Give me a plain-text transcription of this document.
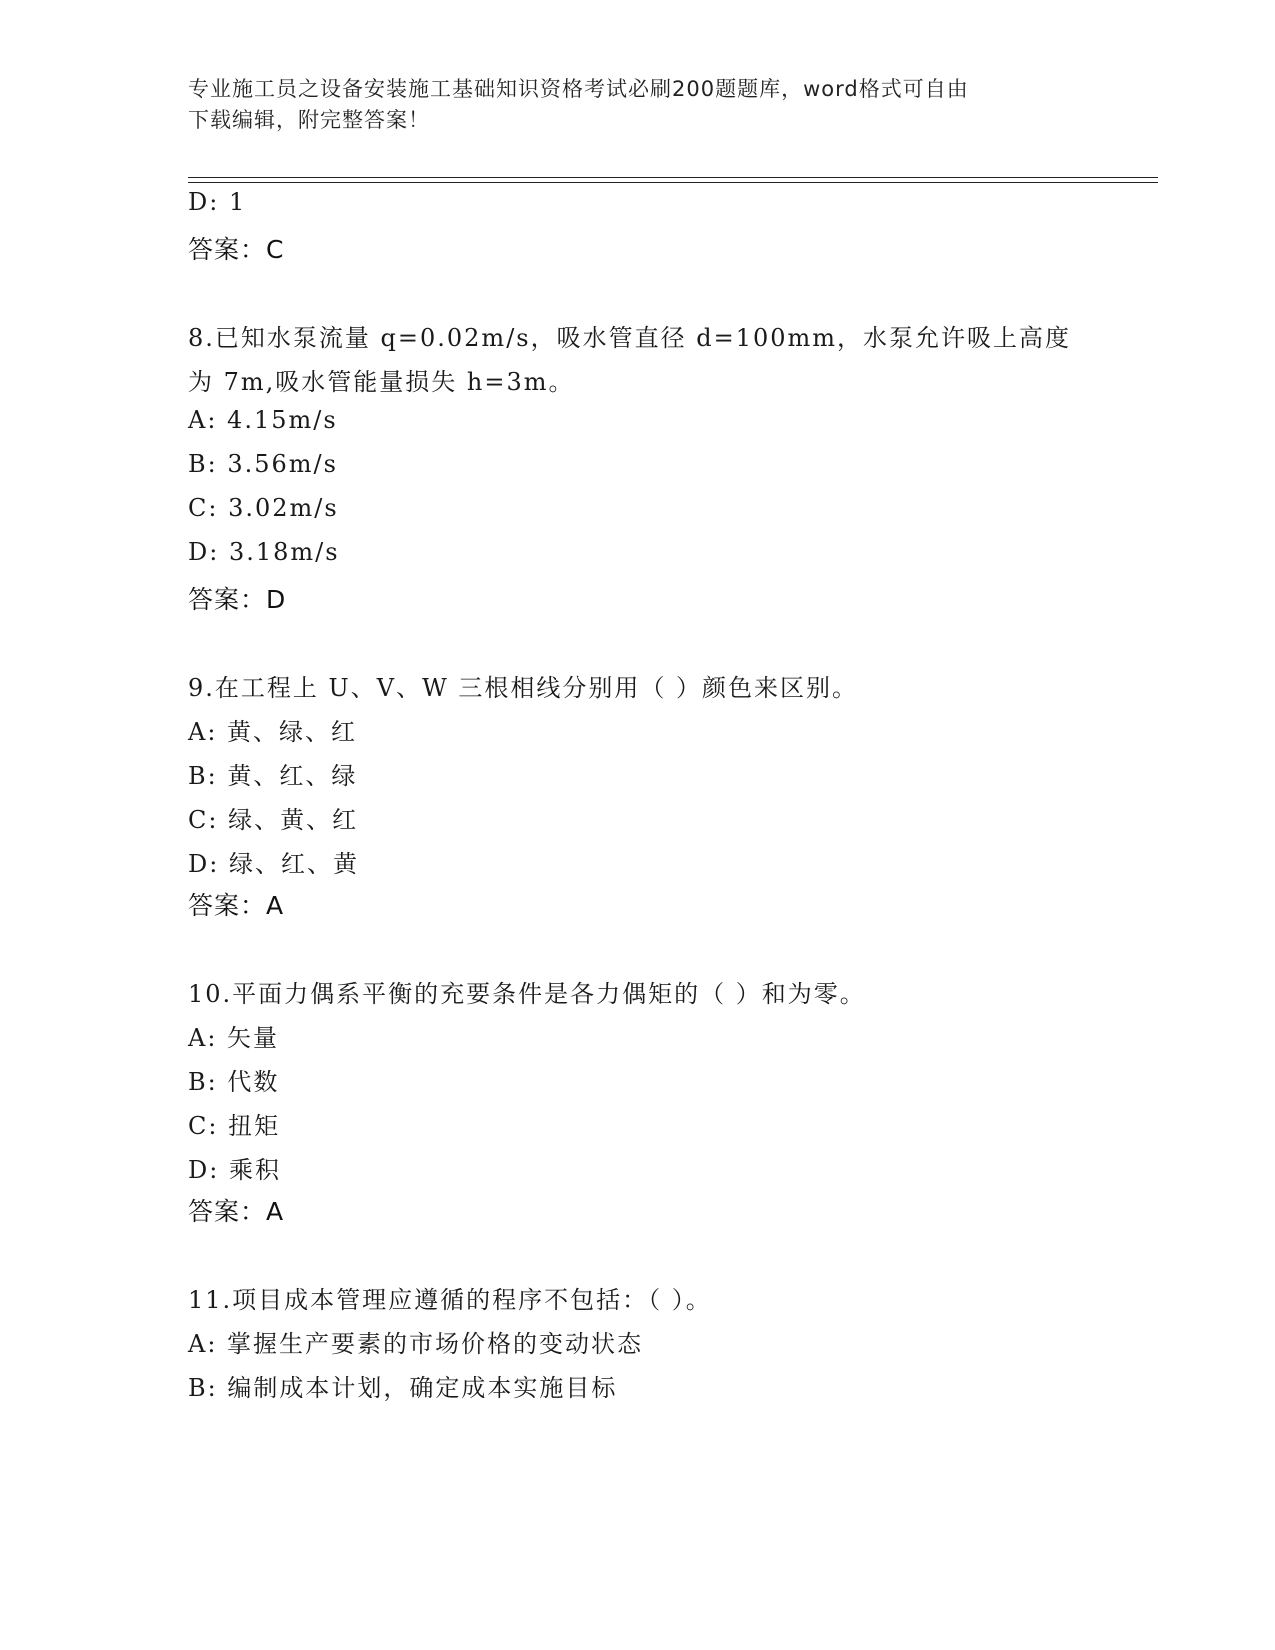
专业施工员之设备安装施工基础知识资格考试必刷200题题库，word格式可自由
下载编辑，附完整答案！
D: 1
答案：C
8.已知水泵流量 q=0.02m/s，吸水管直径 d=100mm，水泵允许吸上高度
为 7m,吸水管能量损失 h=3m。
A: 4.15m/s
B: 3.56m/s
C: 3.02m/s
D: 3.18m/s
答案：D
9.在工程上 U、V、W 三根相线分别用（ ）颜色来区别。
A: 黄、绿、红
B: 黄、红、绿
C: 绿、黄、红
D: 绿、红、黄
答案：A
10.平面力偶系平衡的充要条件是各力偶矩的（ ）和为零。
A: 矢量
B: 代数
C: 扭矩
D: 乘积
答案：A
11.项目成本管理应遵循的程序不包括：（ ）。
A: 掌握生产要素的市场价格的变动状态
B: 编制成本计划，确定成本实施目标
